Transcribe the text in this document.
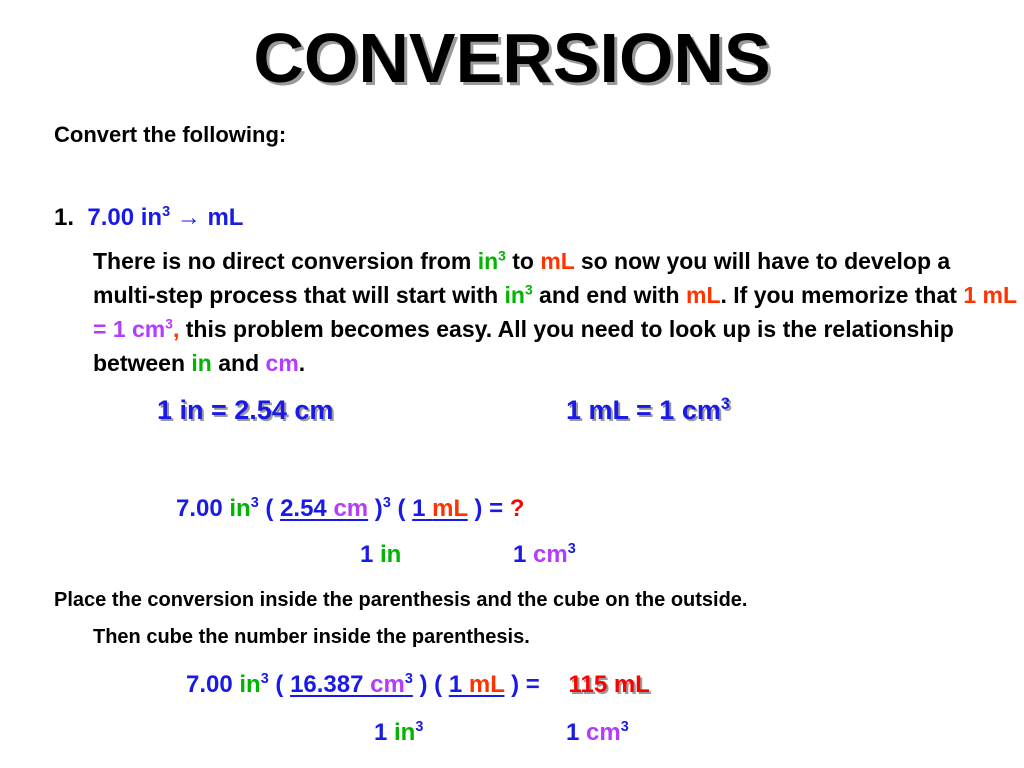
CONVERSIONS
Convert the following:
1. 7.00 $in^3$ → mL
There is no direct conversion from $in^3$ to mL so now you will have to develop a multi-step process that will start with $in^3$ and end with mL. If you memorize that 1 mL = 1 $cm^3$, this problem becomes easy. All you need to look up is the relationship between in and cm.
1 in = 2.54 cm	1 mL = 1 $cm^3$
7.00 $in^3$ ( 2.54 cm )$^3$ ( 1 mL ) = ?
1 in	1 $cm^3$
Place the conversion inside the parenthesis and the cube on the outside.
Then cube the number inside the parenthesis.
7.00 $in^3$ ( 16.387 $cm^3$ ) ( 1 mL ) = 115 mL
1 $in^3$	1 $cm^3$
